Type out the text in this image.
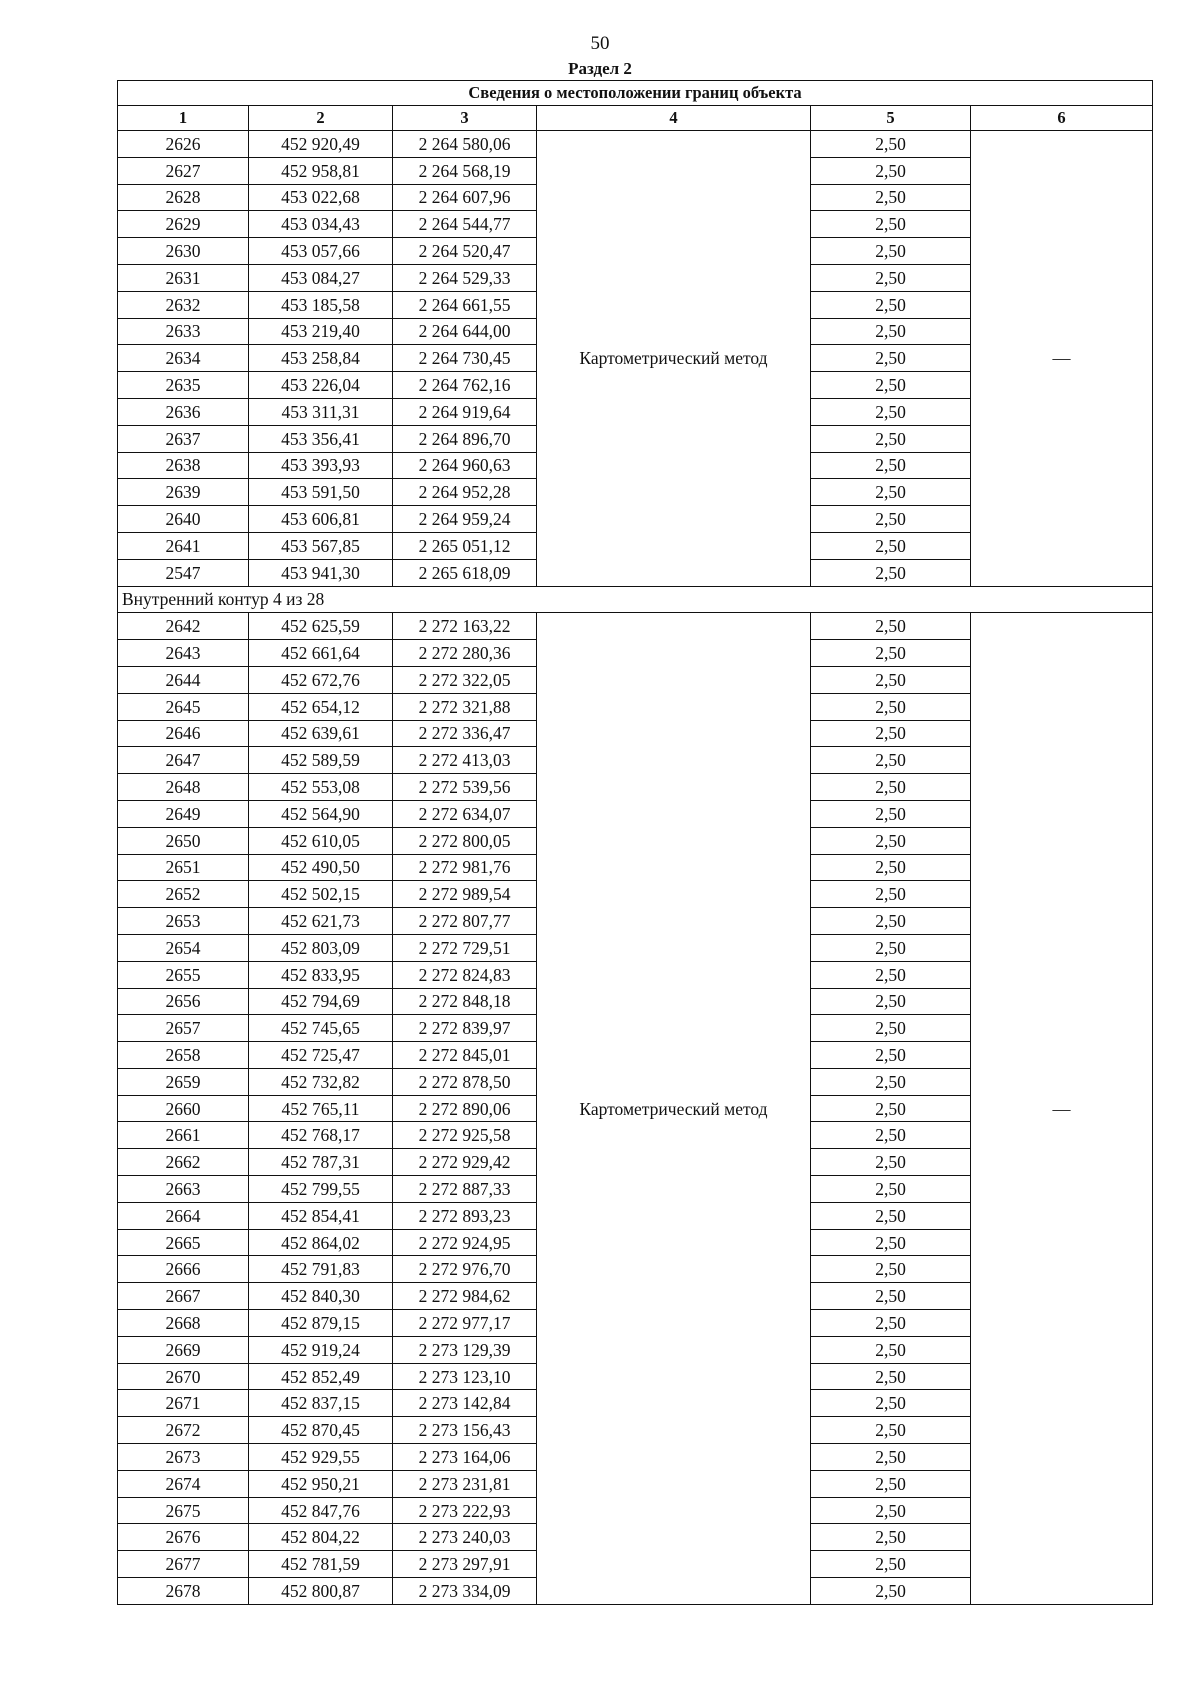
50
Раздел 2
Сведения о местоположении границ объекта					
1	2	3	4	5	6
2626	452 920,49	2 264 580,06	Картометрический метод	2,50	—
2627	452 958,81	2 264 568,19		2,50	
2628	453 022,68	2 264 607,96		2,50	
2629	453 034,43	2 264 544,77		2,50	
2630	453 057,66	2 264 520,47		2,50	
2631	453 084,27	2 264 529,33		2,50	
2632	453 185,58	2 264 661,55		2,50	
2633	453 219,40	2 264 644,00		2,50	
2634	453 258,84	2 264 730,45		2,50	
2635	453 226,04	2 264 762,16		2,50	
2636	453 311,31	2 264 919,64		2,50	
2637	453 356,41	2 264 896,70		2,50	
2638	453 393,93	2 264 960,63		2,50	
2639	453 591,50	2 264 952,28		2,50	
2640	453 606,81	2 264 959,24		2,50	
2641	453 567,85	2 265 051,12		2,50	
2547	453 941,30	2 265 618,09		2,50	
Внутренний контур 4 из 28					
2642	452 625,59	2 272 163,22	Картометрический метод	2,50	—
2643	452 661,64	2 272 280,36		2,50	
2644	452 672,76	2 272 322,05		2,50	
2645	452 654,12	2 272 321,88		2,50	
2646	452 639,61	2 272 336,47		2,50	
2647	452 589,59	2 272 413,03		2,50	
2648	452 553,08	2 272 539,56		2,50	
2649	452 564,90	2 272 634,07		2,50	
2650	452 610,05	2 272 800,05		2,50	
2651	452 490,50	2 272 981,76		2,50	
2652	452 502,15	2 272 989,54		2,50	
2653	452 621,73	2 272 807,77		2,50	
2654	452 803,09	2 272 729,51		2,50	
2655	452 833,95	2 272 824,83		2,50	
2656	452 794,69	2 272 848,18		2,50	
2657	452 745,65	2 272 839,97		2,50	
2658	452 725,47	2 272 845,01		2,50	
2659	452 732,82	2 272 878,50		2,50	
2660	452 765,11	2 272 890,06		2,50	
2661	452 768,17	2 272 925,58		2,50	
2662	452 787,31	2 272 929,42		2,50	
2663	452 799,55	2 272 887,33		2,50	
2664	452 854,41	2 272 893,23		2,50	
2665	452 864,02	2 272 924,95		2,50	
2666	452 791,83	2 272 976,70		2,50	
2667	452 840,30	2 272 984,62		2,50	
2668	452 879,15	2 272 977,17		2,50	
2669	452 919,24	2 273 129,39		2,50	
2670	452 852,49	2 273 123,10		2,50	
2671	452 837,15	2 273 142,84		2,50	
2672	452 870,45	2 273 156,43		2,50	
2673	452 929,55	2 273 164,06		2,50	
2674	452 950,21	2 273 231,81		2,50	
2675	452 847,76	2 273 222,93		2,50	
2676	452 804,22	2 273 240,03		2,50	
2677	452 781,59	2 273 297,91		2,50	
2678	452 800,87	2 273 334,09		2,50	
